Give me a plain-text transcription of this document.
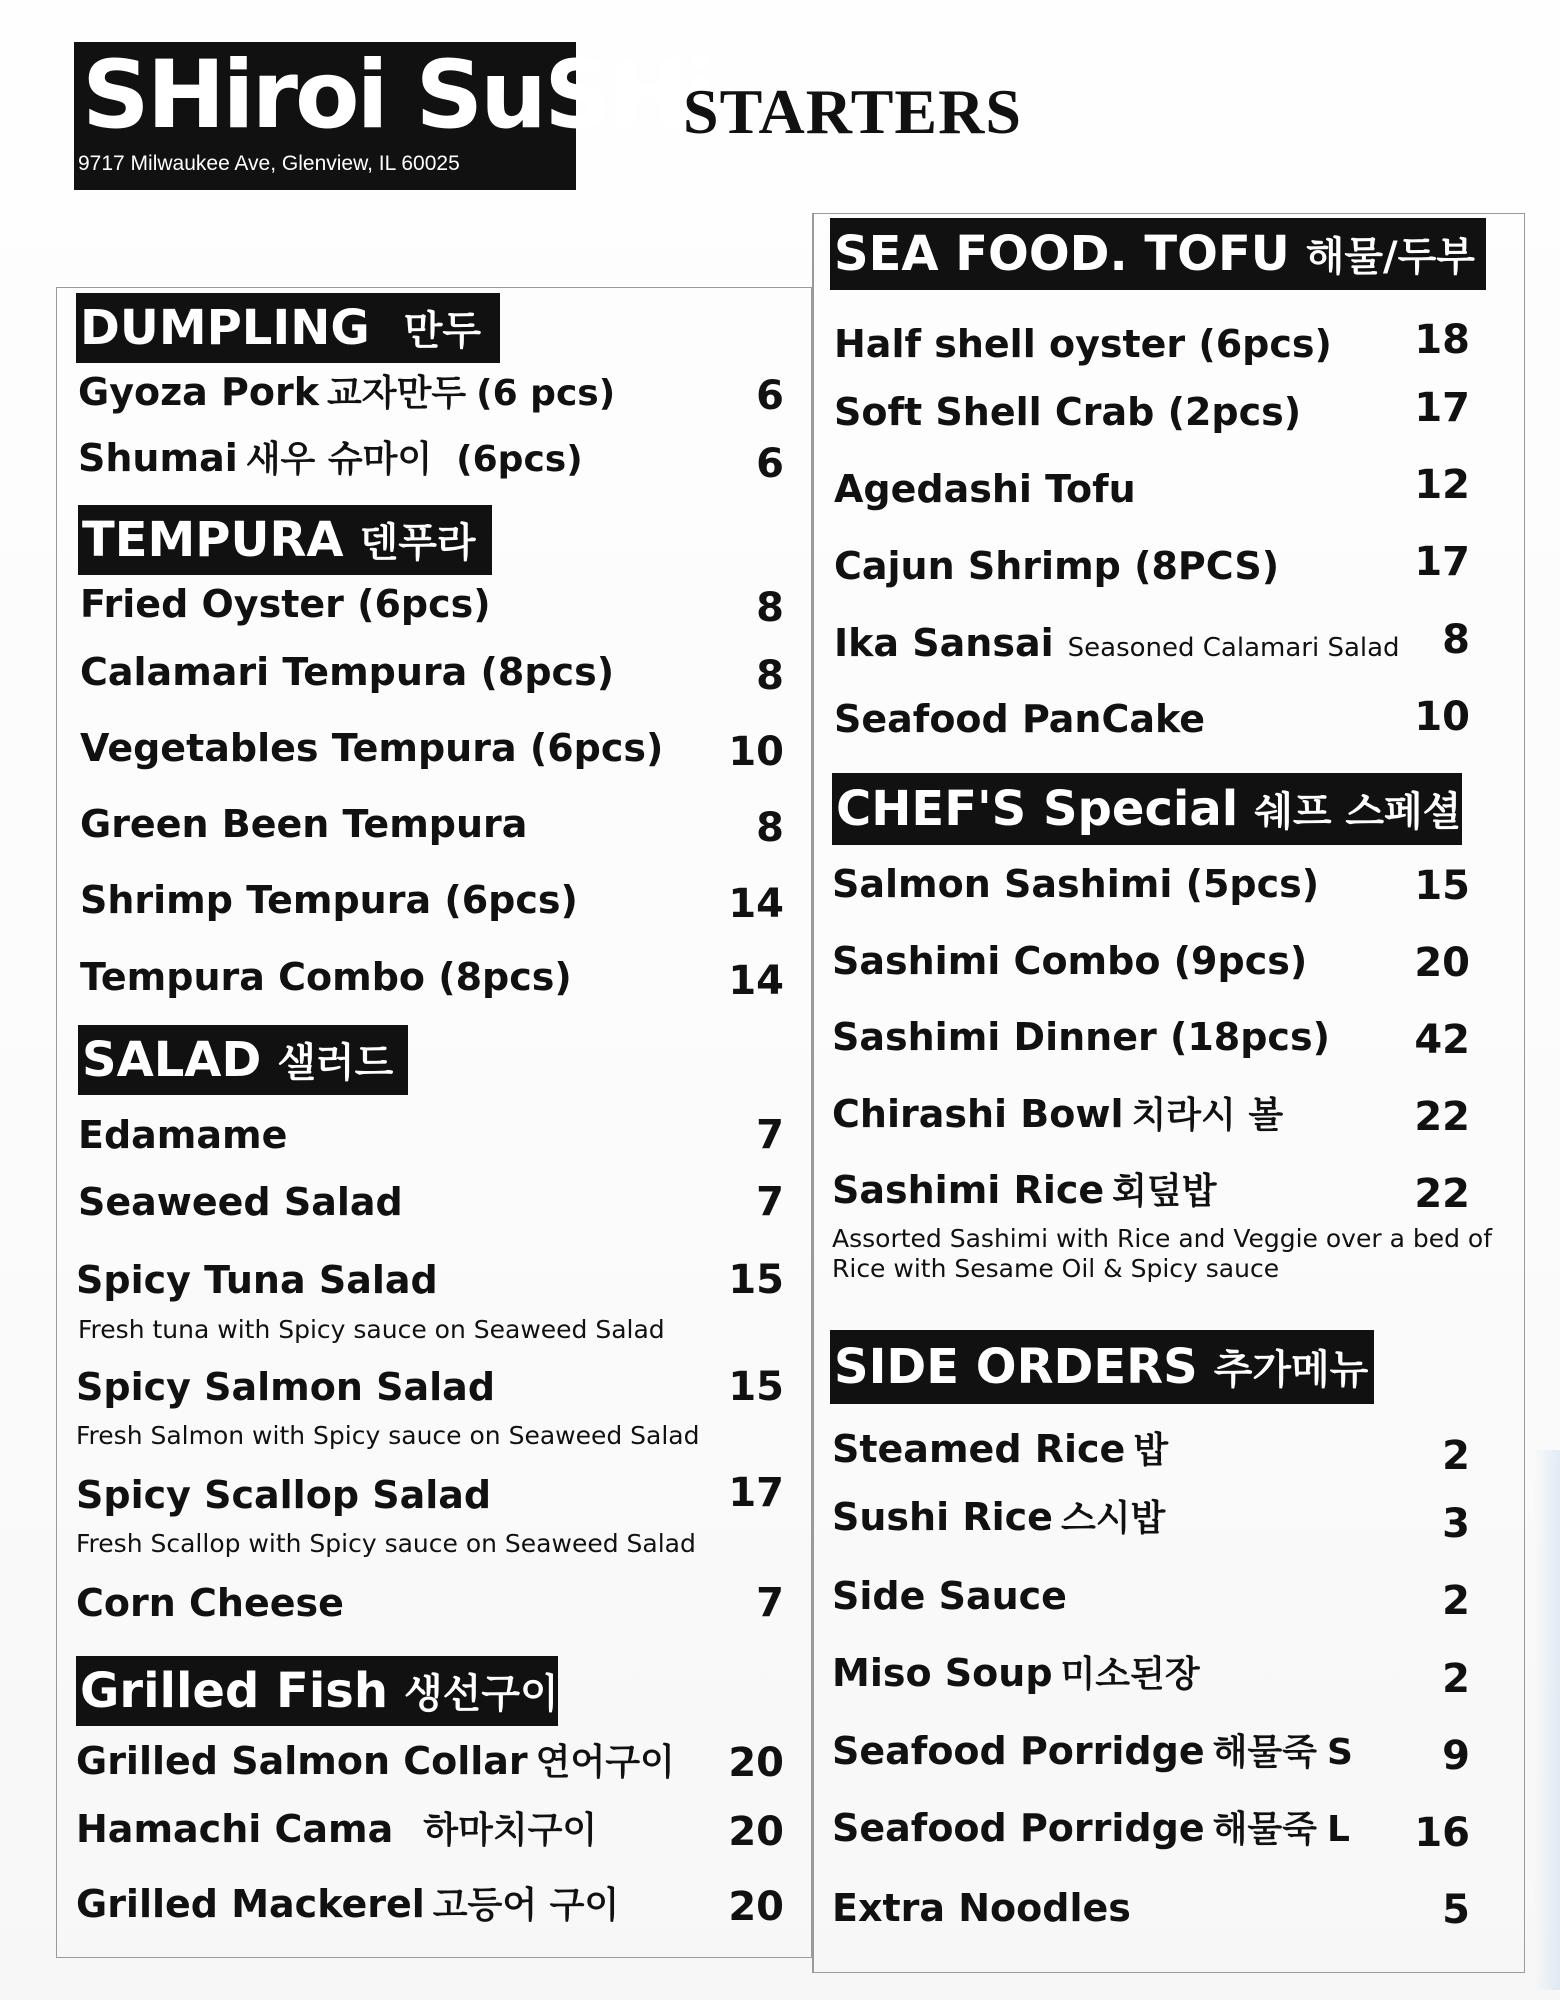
SHiroi SuSHi
9717 Milwaukee Ave, Glenview, IL 60025
STARTERS
DUMPLING 만두
Gyoza Pork 교자만두 (6 pcs)	6
Shumai 새우 슈마이 (6pcs)	6
TEMPURA 덴푸라
Fried Oyster (6pcs)	8
Calamari Tempura (8pcs)	8
Vegetables Tempura (6pcs)	10
Green Been Tempura	8
Shrimp Tempura (6pcs)	14
Tempura Combo (8pcs)	14
SALAD 샐러드
Edamame	7
Seaweed Salad	7
Spicy Tuna Salad	15
Fresh tuna with Spicy sauce on Seaweed Salad
Spicy Salmon Salad	15
Fresh Salmon with Spicy sauce on Seaweed Salad
Spicy Scallop Salad	17
Fresh Scallop with Spicy sauce on Seaweed Salad
Corn Cheese	7
Grilled Fish 생선구이
Grilled Salmon Collar 연어구이	20
Hamachi Cama 하마치구이	20
Grilled Mackerel 고등어 구이	20
SEA FOOD. TOFU 해물/두부
Half shell oyster (6pcs)	18
Soft Shell Crab (2pcs)	17
Agedashi Tofu	12
Cajun Shrimp (8PCS)	17
Ika Sansai Seasoned Calamari Salad	8
Seafood PanCake	10
CHEF'S Special 쉐프 스페셜
Salmon Sashimi (5pcs)	15
Sashimi Combo (9pcs)	20
Sashimi Dinner (18pcs)	42
Chirashi Bowl 치라시 볼	22
Sashimi Rice 회덮밥	22
Assorted Sashimi with Rice and Veggie over a bed of
Rice with Sesame Oil & Spicy sauce
SIDE ORDERS 추가메뉴
Steamed Rice 밥	2
Sushi Rice 스시밥	3
Side Sauce	2
Miso Soup 미소된장	2
Seafood Porridge 해물죽 S	9
Seafood Porridge 해물죽 L	16
Extra Noodles	5
